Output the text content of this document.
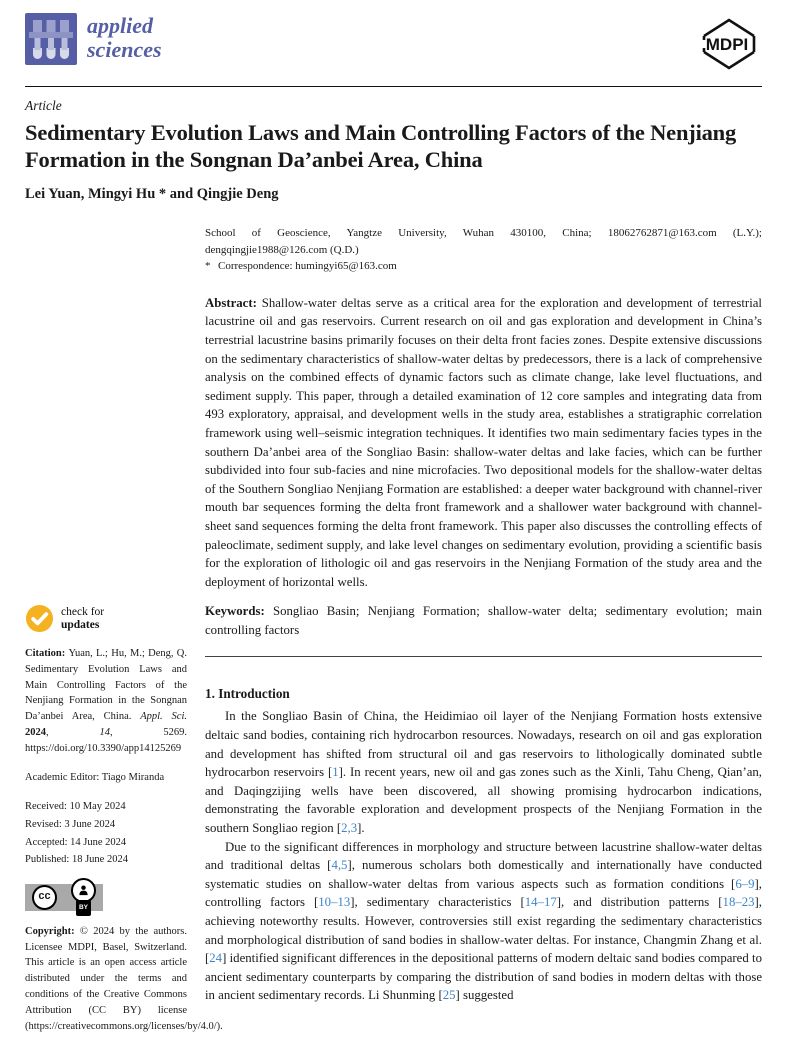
applied
sciences	MDPI
Article
Sedimentary Evolution Laws and Main Controlling Factors of the Nenjiang Formation in the Songnan Da’anbei Area, China
Lei Yuan, Mingyi Hu * and Qingjie Deng
check for
updates
Citation: Yuan, L.; Hu, M.; Deng, Q. Sedimentary Evolution Laws and Main Controlling Factors of the Nenjiang Formation in the Songnan Da’anbei Area, China. Appl. Sci. 2024, 14, 5269. https://doi.org/10.3390/app14125269
Academic Editor: Tiago Miranda
Received: 10 May 2024
Revised: 3 June 2024
Accepted: 14 June 2024
Published: 18 June 2024
cc
BY
Copyright: © 2024 by the authors. Licensee MDPI, Basel, Switzerland. This article is an open access article distributed under the terms and conditions of the Creative Commons Attribution (CC BY) license (https://creativecommons.org/licenses/by/4.0/).
School of Geoscience, Yangtze University, Wuhan 430100, China; 18062762871@163.com (L.Y.); dengqingjie1988@126.com (Q.D.)
* Correspondence: humingyi65@163.com
Abstract: Shallow-water deltas serve as a critical area for the exploration and development of terrestrial lacustrine oil and gas reservoirs. Current research on oil and gas exploration and development in China’s terrestrial lacustrine basins primarily focuses on their delta front facies zones. Despite extensive discussions on the sedimentary characteristics of shallow-water deltas by predecessors, there is a lack of comprehensive analysis on the combined effects of dynamic factors such as climate change, lake level fluctuations, and sediment supply. This paper, through a detailed examination of 12 core samples and integrating data from 493 exploratory, appraisal, and development wells in the study area, establishes a stratigraphic correlation framework using well–seismic integration techniques. It identifies two main sedimentary facies types in the southern Da’anbei area of the Songliao Basin: shallow-water deltas and lake facies, which can be further subdivided into four sub-facies and nine microfacies. Two depositional models for the shallow-water deltas of the Southern Songliao Nenjiang Formation are established: a deeper water background with channel-river mouth bar sequences forming the delta front framework and a shallower water background with channel-sheet sand sequences forming the delta front framework. This paper also discusses the controlling effects of paleoclimate, sediment supply, and lake level changes on sedimentary evolution, providing a scientific basis for the exploration of lithologic oil and gas reservoirs in the Nenjiang Formation of the study area and the deployment of horizontal wells.
Keywords: Songliao Basin; Nenjiang Formation; shallow-water delta; sedimentary evolution; main controlling factors
1. Introduction
In the Songliao Basin of China, the Heidimiao oil layer of the Nenjiang Formation hosts extensive deltaic sand bodies, containing rich hydrocarbon resources. Nowadays, research on oil and gas exploration and development has shifted from structural oil and gas reservoirs to lithologically dominated subtle hydrocarbon reservoirs [1]. In recent years, new oil and gas zones such as the Xinli, Tahu Cheng, Qian’an, and Daqingzijing wells have been discovered, all showing promising hydrocarbon indications, demonstrating the favorable exploration and development prospects of the Nenjiang Formation in the southern Songliao region [2,3].
Due to the significant differences in morphology and structure between lacustrine shallow-water deltas and traditional deltas [4,5], numerous scholars both domestically and internationally have conducted systematic studies on shallow-water deltas from various aspects such as formation conditions [6–9], controlling factors [10–13], sedimentary characteristics [14–17], and distribution patterns [18–23], achieving noteworthy results. However, controversies still exist regarding the sedimentary characteristics and morphological distribution of sand bodies in shallow-water deltas. For instance, Changmin Zhang et al. [24] identified significant differences in the depositional patterns of modern deltaic sand bodies compared to ancient sedimentary counterparts by comparing the distribution of sand bodies in modern deltas with those in ancient sedimentary records. Li Shunming [25] suggested
